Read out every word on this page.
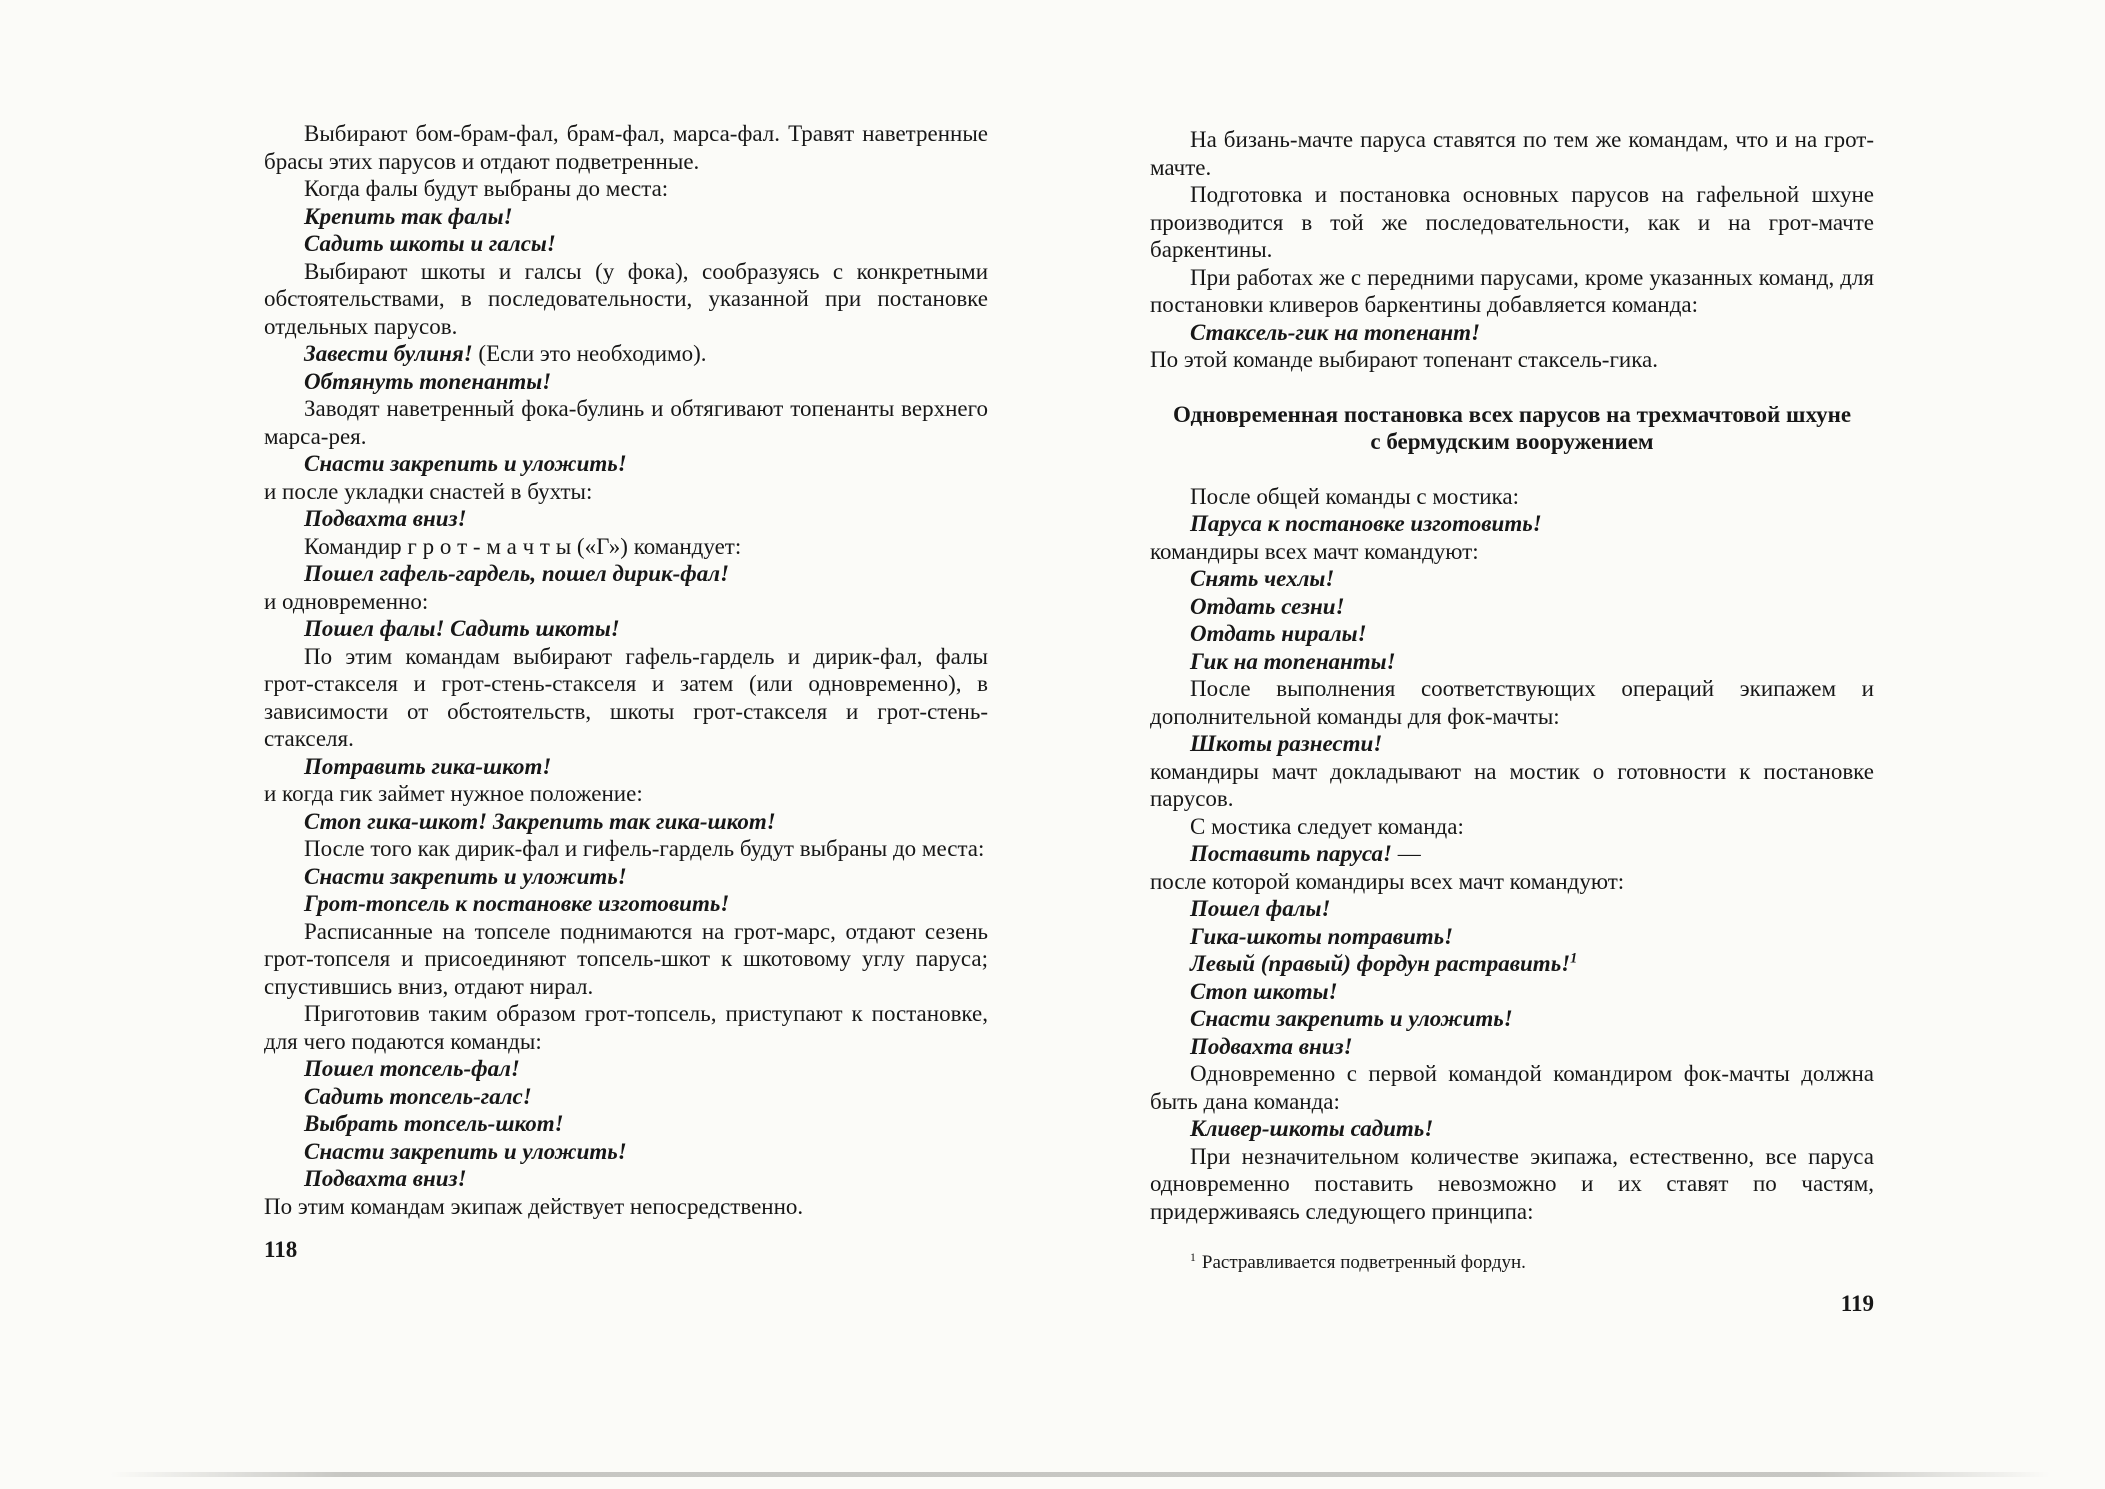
Выбирают бом-брам-фал, брам-фал, марса-фал. Травят наветренные брасы этих парусов и отдают подветренные.

Когда фалы будут выбраны до места:

Крепить так фалы!

Садить шкоты и галсы!

Выбирают шкоты и галсы (у фока), сообразуясь с конкретными обстоятельствами, в последовательности, указанной при постановке отдельных парусов.

Завести булиня! (Если это необходимо).

Обтянуть топенанты!

Заводят наветренный фока-булинь и обтягивают топенанты верхнего марса-рея.

Снасти закрепить и уложить!

и после укладки снастей в бухты:

Подвахта вниз!

Командир г р о т - м а ч т ы («Г») командует:

Пошел гафель-гардель, пошел дирик-фал!

и одновременно:

Пошел фалы! Садить шкоты!

По этим командам выбирают гафель-гардель и дирик-фал, фалы грот-стакселя и грот-стень-стакселя и затем (или одновременно), в зависимости от обстоятельств, шкоты грот-стакселя и грот-стень-стакселя.

Потравить гика-шкот!

и когда гик займет нужное положение:

Стоп гика-шкот! Закрепить так гика-шкот!

После того как дирик-фал и гифель-гардель будут выбраны до места:

Снасти закрепить и уложить!

Грот-топсель к постановке изготовить!

Расписанные на топселе поднимаются на грот-марс, отдают сезень грот-топселя и присоединяют топсель-шкот к шкотовому углу паруса; спустившись вниз, отдают нирал.

Приготовив таким образом грот-топсель, приступают к постановке, для чего подаются команды:

Пошел топсель-фал!

Садить топсель-галс!

Выбрать топсель-шкот!

Снасти закрепить и уложить!

Подвахта вниз!

По этим командам экипаж действует непосредственно.

118

На бизань-мачте паруса ставятся по тем же командам, что и на грот-мачте.

Подготовка и постановка основных парусов на гафельной шхуне производится в той же последовательности, как и на грот-мачте баркентины.

При работах же с передними парусами, кроме указанных команд, для постановки кливеров баркентины добавляется команда:

Стаксель-гик на топенант!

По этой команде выбирают топенант стаксель-гика.

Одновременная постановка всех парусов на трехмачтовой шхуне с бермудским вооружением

После общей команды с мостика:

Паруса к постановке изготовить!

командиры всех мачт командуют:

Снять чехлы!

Отдать сезни!

Отдать ниралы!

Гик на топенанты!

После выполнения соответствующих операций экипажем и дополнительной команды для фок-мачты:

Шкоты разнести!

командиры мачт докладывают на мостик о готовности к постановке парусов.

С мостика следует команда:

Поставить паруса! —

после которой командиры всех мачт командуют:

Пошел фалы!

Гика-шкоты потравить!

Левый (правый) фордун растравить!$^1$

Стоп шкоты!

Снасти закрепить и уложить!

Подвахта вниз!

Одновременно с первой командой командиром фок-мачты должна быть дана команда:

Кливер-шкоты садить!

При незначительном количестве экипажа, естественно, все паруса одновременно поставить невозможно и их ставят по частям, придерживаясь следующего принципа:

$^1$ Растравливается подветренный фордун.
119
